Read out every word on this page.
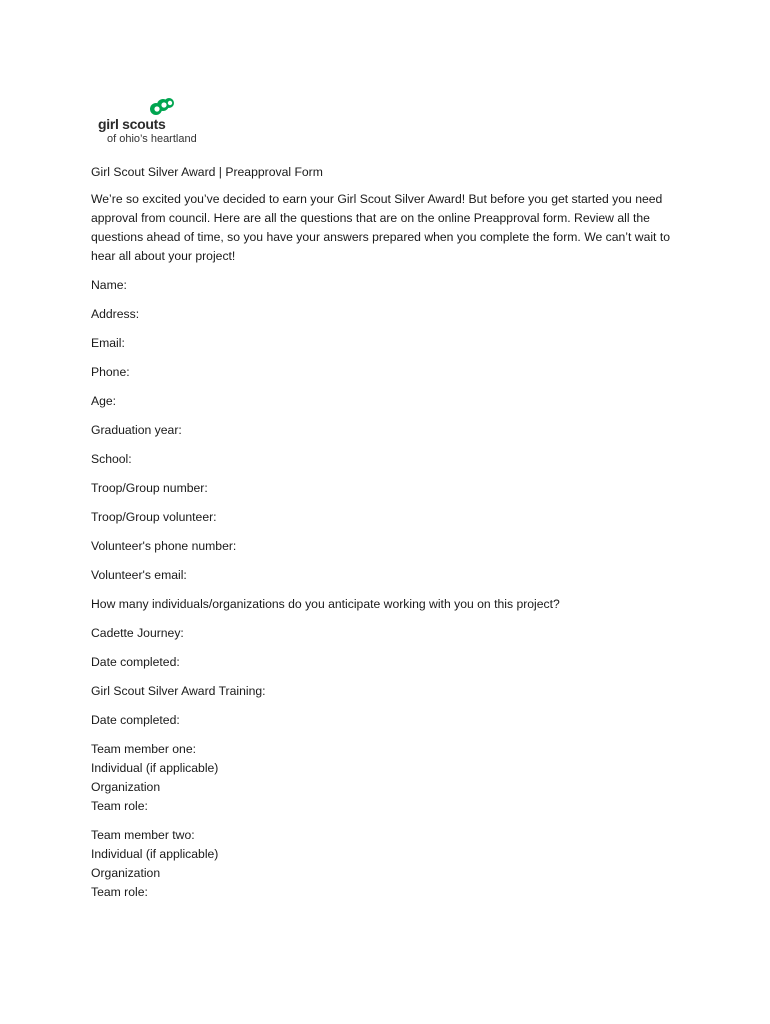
girl scouts
of ohio’s heartland
Girl Scout Silver Award | Preapproval Form
We’re so excited you’ve decided to earn your Girl Scout Silver Award! But before you get started you need approval from council. Here are all the questions that are on the online Preapproval form. Review all the questions ahead of time, so you have your answers prepared when you complete the form. We can’t wait to hear all about your project!
Name:
Address:
Email:
Phone:
Age:
Graduation year:
School:
Troop/Group number:
Troop/Group volunteer:
Volunteer's phone number:
Volunteer's email:
How many individuals/organizations do you anticipate working with you on this project?
Cadette Journey:
Date completed:
Girl Scout Silver Award Training:
Date completed:
Team member one:
Individual (if applicable)
Organization
Team role:
Team member two:
Individual (if applicable)
Organization
Team role:
